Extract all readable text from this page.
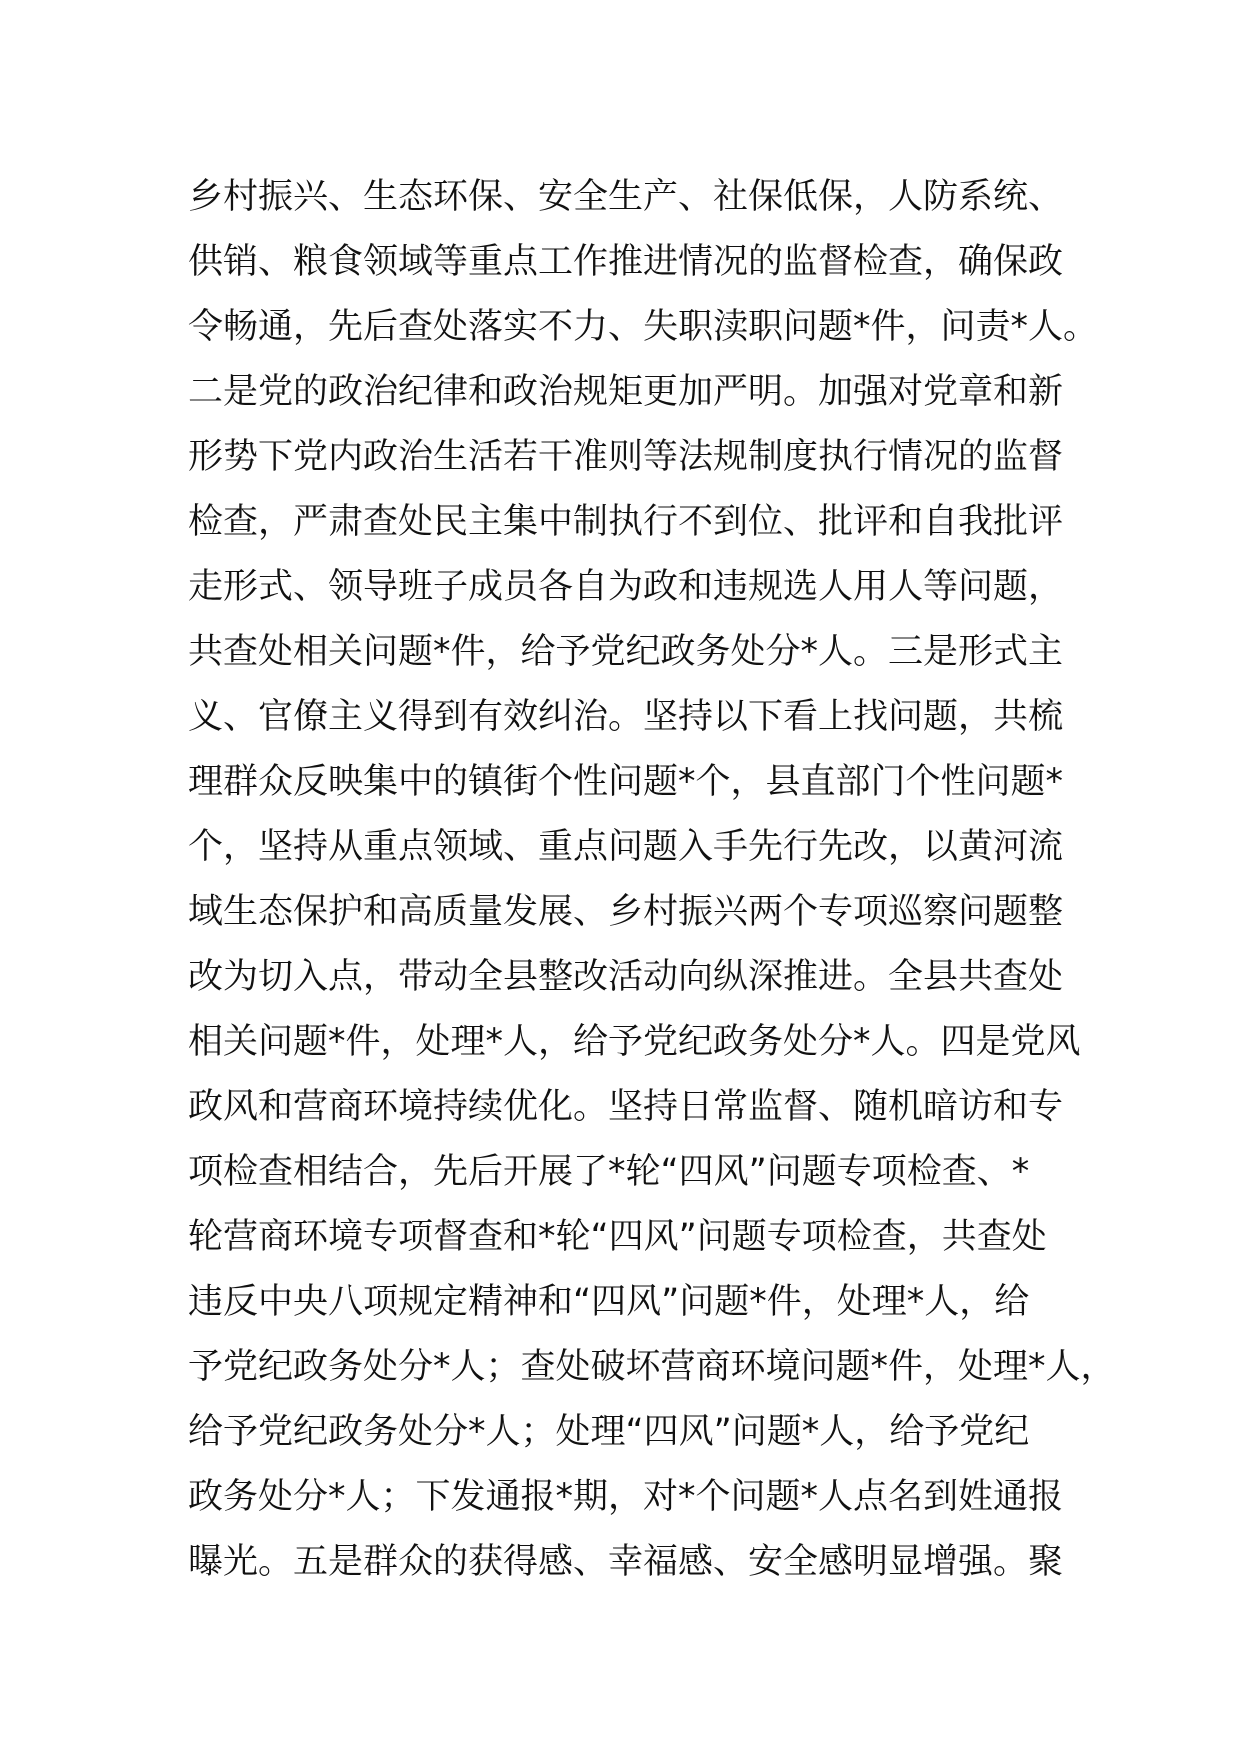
乡村振兴、生态环保、安全生产、社保低保，人防系统、
供销、粮食领域等重点工作推进情况的监督检查，确保政
令畅通，先后查处落实不力、失职渎职问题*件，问责*人。
二是党的政治纪律和政治规矩更加严明。加强对党章和新
形势下党内政治生活若干准则等法规制度执行情况的监督
检查，严肃查处民主集中制执行不到位、批评和自我批评
走形式、领导班子成员各自为政和违规选人用人等问题，
共查处相关问题*件，给予党纪政务处分*人。三是形式主
义、官僚主义得到有效纠治。坚持以下看上找问题，共梳
理群众反映集中的镇街个性问题*个，县直部门个性问题*
个，坚持从重点领域、重点问题入手先行先改，以黄河流
域生态保护和高质量发展、乡村振兴两个专项巡察问题整
改为切入点，带动全县整改活动向纵深推进。全县共查处
相关问题*件，处理*人，给予党纪政务处分*人。四是党风
政风和营商环境持续优化。坚持日常监督、随机暗访和专
项检查相结合，先后开展了*轮“四风”问题专项检查、*
轮营商环境专项督查和*轮“四风”问题专项检查，共查处
违反中央八项规定精神和“四风”问题*件，处理*人，给
予党纪政务处分*人；查处破坏营商环境问题*件，处理*人，
给予党纪政务处分*人；处理“四风”问题*人，给予党纪
政务处分*人；下发通报*期，对*个问题*人点名到姓通报
曝光。五是群众的获得感、幸福感、安全感明显增强。聚
